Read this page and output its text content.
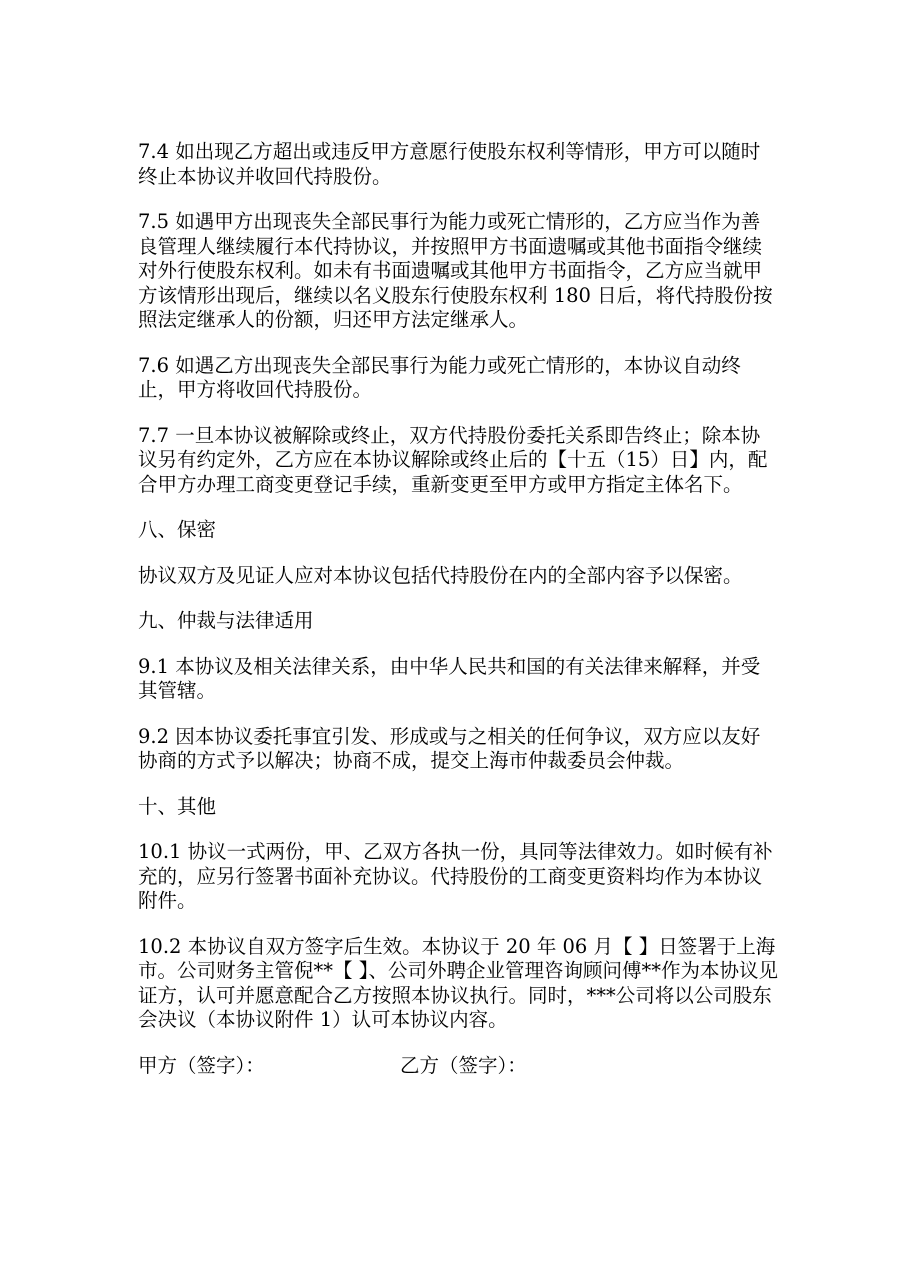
7.4 如出现乙方超出或违反甲方意愿行使股东权利等情形，甲方可以随时终止本协议并收回代持股份。

7.5 如遇甲方出现丧失全部民事行为能力或死亡情形的，乙方应当作为善良管理人继续履行本代持协议，并按照甲方书面遗嘱或其他书面指令继续对外行使股东权利。如未有书面遗嘱或其他甲方书面指令，乙方应当就甲方该情形出现后，继续以名义股东行使股东权利 180 日后，将代持股份按照法定继承人的份额，归还甲方法定继承人。

7.6 如遇乙方出现丧失全部民事行为能力或死亡情形的，本协议自动终止，甲方将收回代持股份。

7.7 一旦本协议被解除或终止，双方代持股份委托关系即告终止；除本协议另有约定外，乙方应在本协议解除或终止后的【十五（15）日】内，配合甲方办理工商变更登记手续，重新变更至甲方或甲方指定主体名下。

八、保密

协议双方及见证人应对本协议包括代持股份在内的全部内容予以保密。

九、仲裁与法律适用

9.1 本协议及相关法律关系，由中华人民共和国的有关法律来解释，并受其管辖。

9.2 因本协议委托事宜引发、形成或与之相关的任何争议，双方应以友好协商的方式予以解决；协商不成，提交上海市仲裁委员会仲裁。

十、其他

10.1 协议一式两份，甲、乙双方各执一份，具同等法律效力。如时候有补充的，应另行签署书面补充协议。代持股份的工商变更资料均作为本协议附件。

10.2 本协议自双方签字后生效。本协议于 20 年 06 月【 】日签署于上海市。公司财务主管倪**【 】、公司外聘企业管理咨询顾问傅**作为本协议见证方，认可并愿意配合乙方按照本协议执行。同时，***公司将以公司股东会决议（本协议附件 1）认可本协议内容。

甲方（签字）：	乙方（签字）：
